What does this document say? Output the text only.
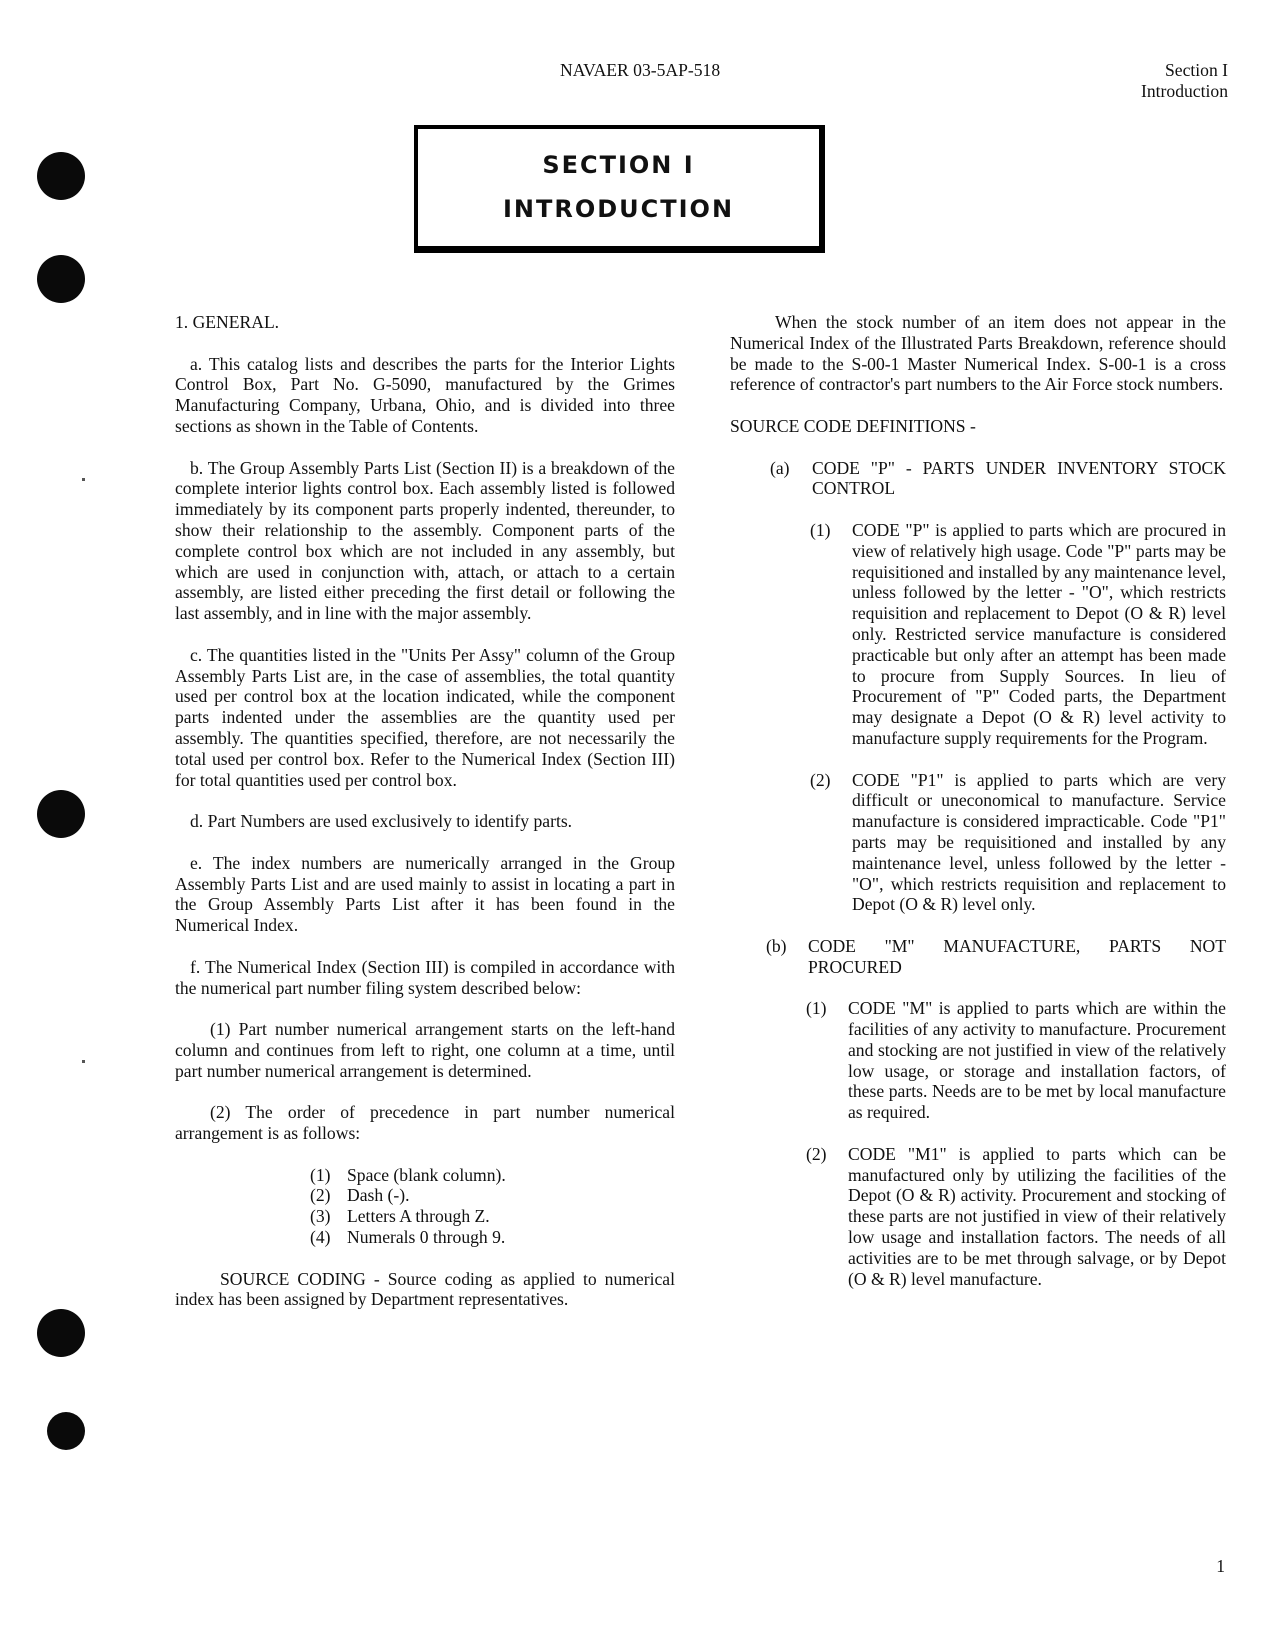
NAVAER 03-5AP-518	Section I
Introduction
SECTION I
INTRODUCTION

1. GENERAL.

a. This catalog lists and describes the parts for the Interior Lights Control Box, Part No. G-5090, manufactured by the Grimes Manufacturing Company, Urbana, Ohio, and is divided into three sections as shown in the Table of Contents.

b. The Group Assembly Parts List (Section II) is a breakdown of the complete interior lights control box. Each assembly listed is followed immediately by its component parts properly indented, thereunder, to show their relationship to the assembly. Component parts of the complete control box which are not included in any assembly, but which are used in conjunction with, attach, or attach to a certain assembly, are listed either preceding the first detail or following the last assembly, and in line with the major assembly.

c. The quantities listed in the "Units Per Assy" column of the Group Assembly Parts List are, in the case of assemblies, the total quantity used per control box at the location indicated, while the component parts indented under the assemblies are the quantity used per assembly. The quantities specified, therefore, are not necessarily the total used per control box. Refer to the Numerical Index (Section III) for total quantities used per control box.

d. Part Numbers are used exclusively to identify parts.

e. The index numbers are numerically arranged in the Group Assembly Parts List and are used mainly to assist in locating a part in the Group Assembly Parts List after it has been found in the Numerical Index.

f. The Numerical Index (Section III) is compiled in accordance with the numerical part number filing system described below:

(1) Part number numerical arrangement starts on the left-hand column and continues from left to right, one column at a time, until part number numerical arrangement is determined.

(2) The order of precedence in part number numerical arrangement is as follows:

(1) Space (blank column).
(2) Dash (-).
(3) Letters A through Z.
(4) Numerals 0 through 9.

SOURCE CODING - Source coding as applied to numerical index has been assigned by Department representatives.

When the stock number of an item does not appear in the Numerical Index of the Illustrated Parts Breakdown, reference should be made to the S-00-1 Master Numerical Index. S-00-1 is a cross reference of contractor's part numbers to the Air Force stock numbers.

SOURCE CODE DEFINITIONS -

(a) CODE "P" - PARTS UNDER INVENTORY STOCK CONTROL

(1) CODE "P" is applied to parts which are procured in view of relatively high usage. Code "P" parts may be requisitioned and installed by any maintenance level, unless followed by the letter - "O", which restricts requisition and replacement to Depot (O & R) level only. Restricted service manufacture is considered practicable but only after an attempt has been made to procure from Supply Sources. In lieu of Procurement of "P" Coded parts, the Department may designate a Depot (O & R) level activity to manufacture supply requirements for the Program.

(2) CODE "P1" is applied to parts which are very difficult or uneconomical to manufacture. Service manufacture is considered impracticable. Code "P1" parts may be requisitioned and installed by any maintenance level, unless followed by the letter - "O", which restricts requisition and replacement to Depot (O & R) level only.

(b) CODE "M" MANUFACTURE, PARTS NOT PROCURED

(1) CODE "M" is applied to parts which are within the facilities of any activity to manufacture. Procurement and stocking are not justified in view of the relatively low usage, or storage and installation factors, of these parts. Needs are to be met by local manufacture as required.

(2) CODE "M1" is applied to parts which can be manufactured only by utilizing the facilities of the Depot (O & R) activity. Procurement and stocking of these parts are not justified in view of their relatively low usage and installation factors. The needs of all activities are to be met through salvage, or by Depot (O & R) level manufacture.

1
